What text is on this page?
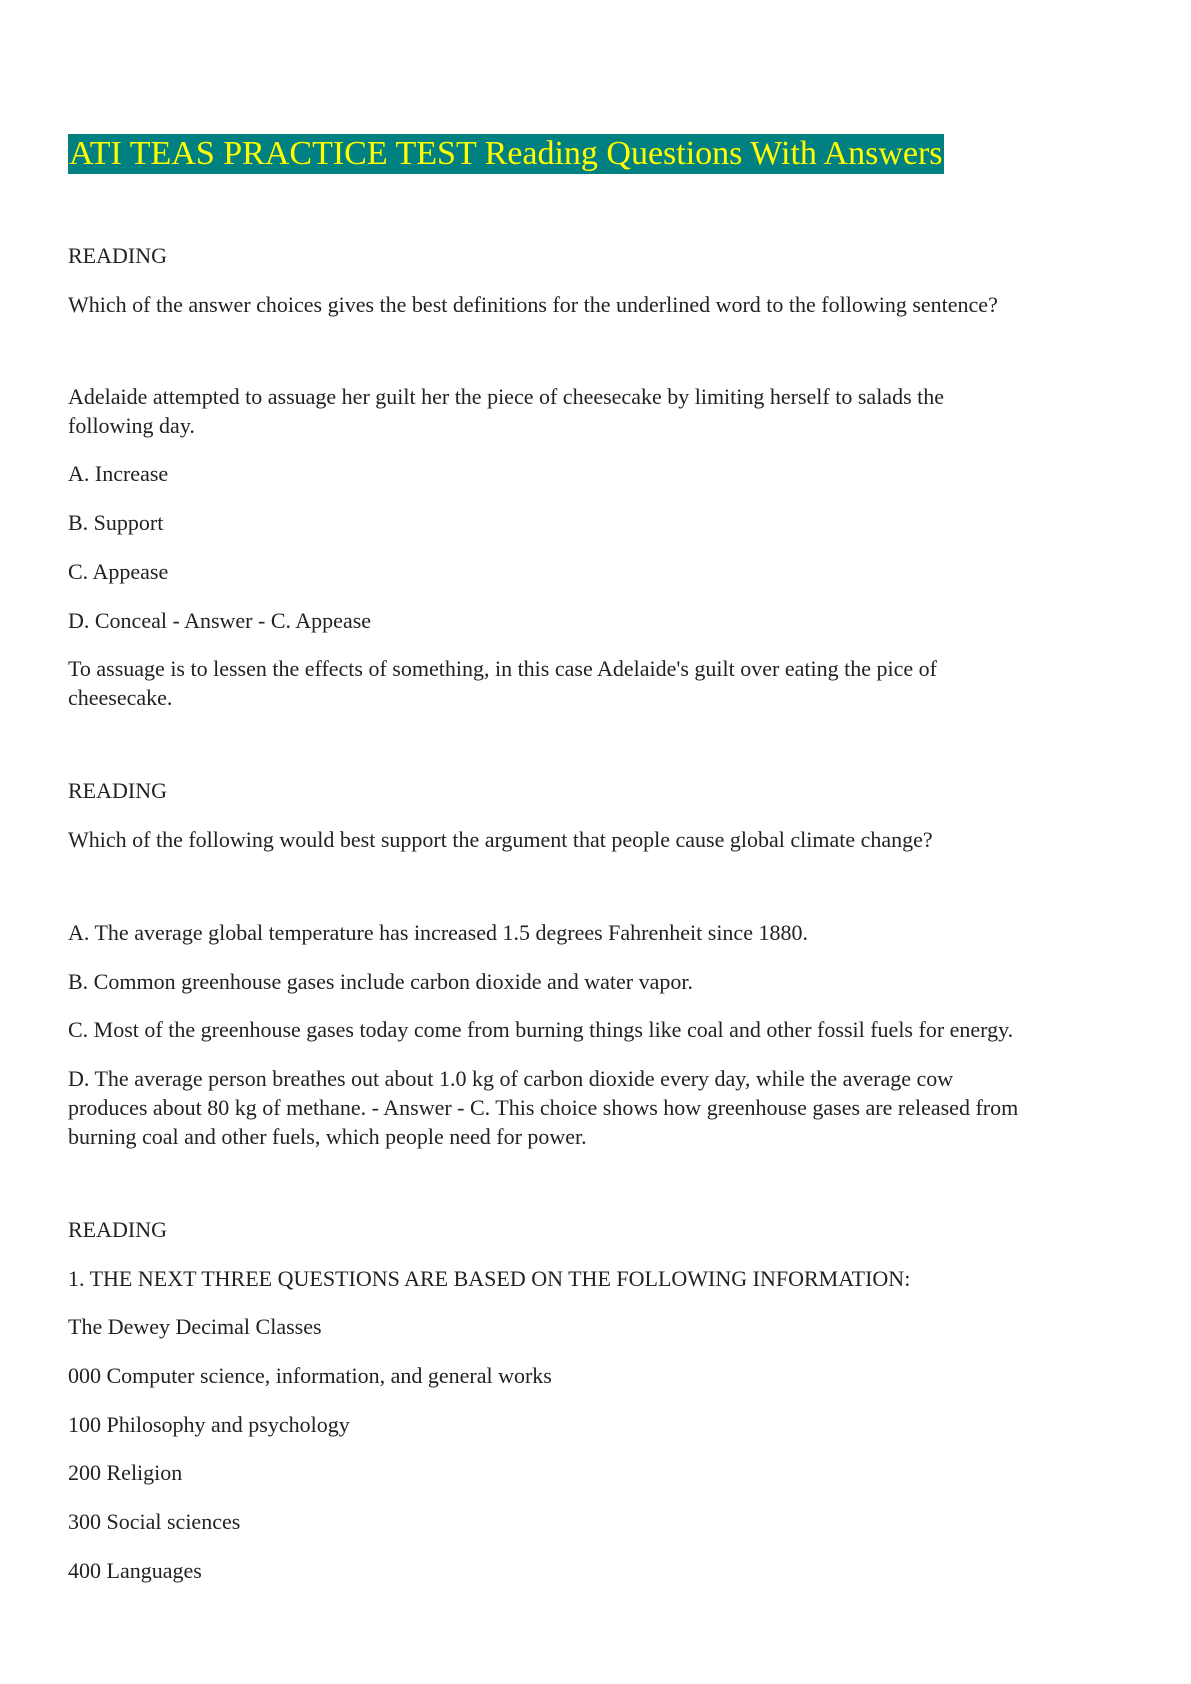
ATI TEAS PRACTICE TEST Reading Questions With Answers

READING

Which of the answer choices gives the best definitions for the underlined word to the following sentence?

Adelaide attempted to assuage her guilt her the piece of cheesecake by limiting herself to salads the

following day.

A. Increase

B. Support

C. Appease

D. Conceal - Answer - C. Appease

To assuage is to lessen the effects of something, in this case Adelaide's guilt over eating the pice of

cheesecake.

READING

Which of the following would best support the argument that people cause global climate change?

A. The average global temperature has increased 1.5 degrees Fahrenheit since 1880.

B. Common greenhouse gases include carbon dioxide and water vapor.

C. Most of the greenhouse gases today come from burning things like coal and other fossil fuels for energy.

D. The average person breathes out about 1.0 kg of carbon dioxide every day, while the average cow

produces about 80 kg of methane. - Answer - C. This choice shows how greenhouse gases are released from

burning coal and other fuels, which people need for power.

READING

1. THE NEXT THREE QUESTIONS ARE BASED ON THE FOLLOWING INFORMATION:

The Dewey Decimal Classes

000 Computer science, information, and general works

100 Philosophy and psychology

200 Religion

300 Social sciences

400 Languages
